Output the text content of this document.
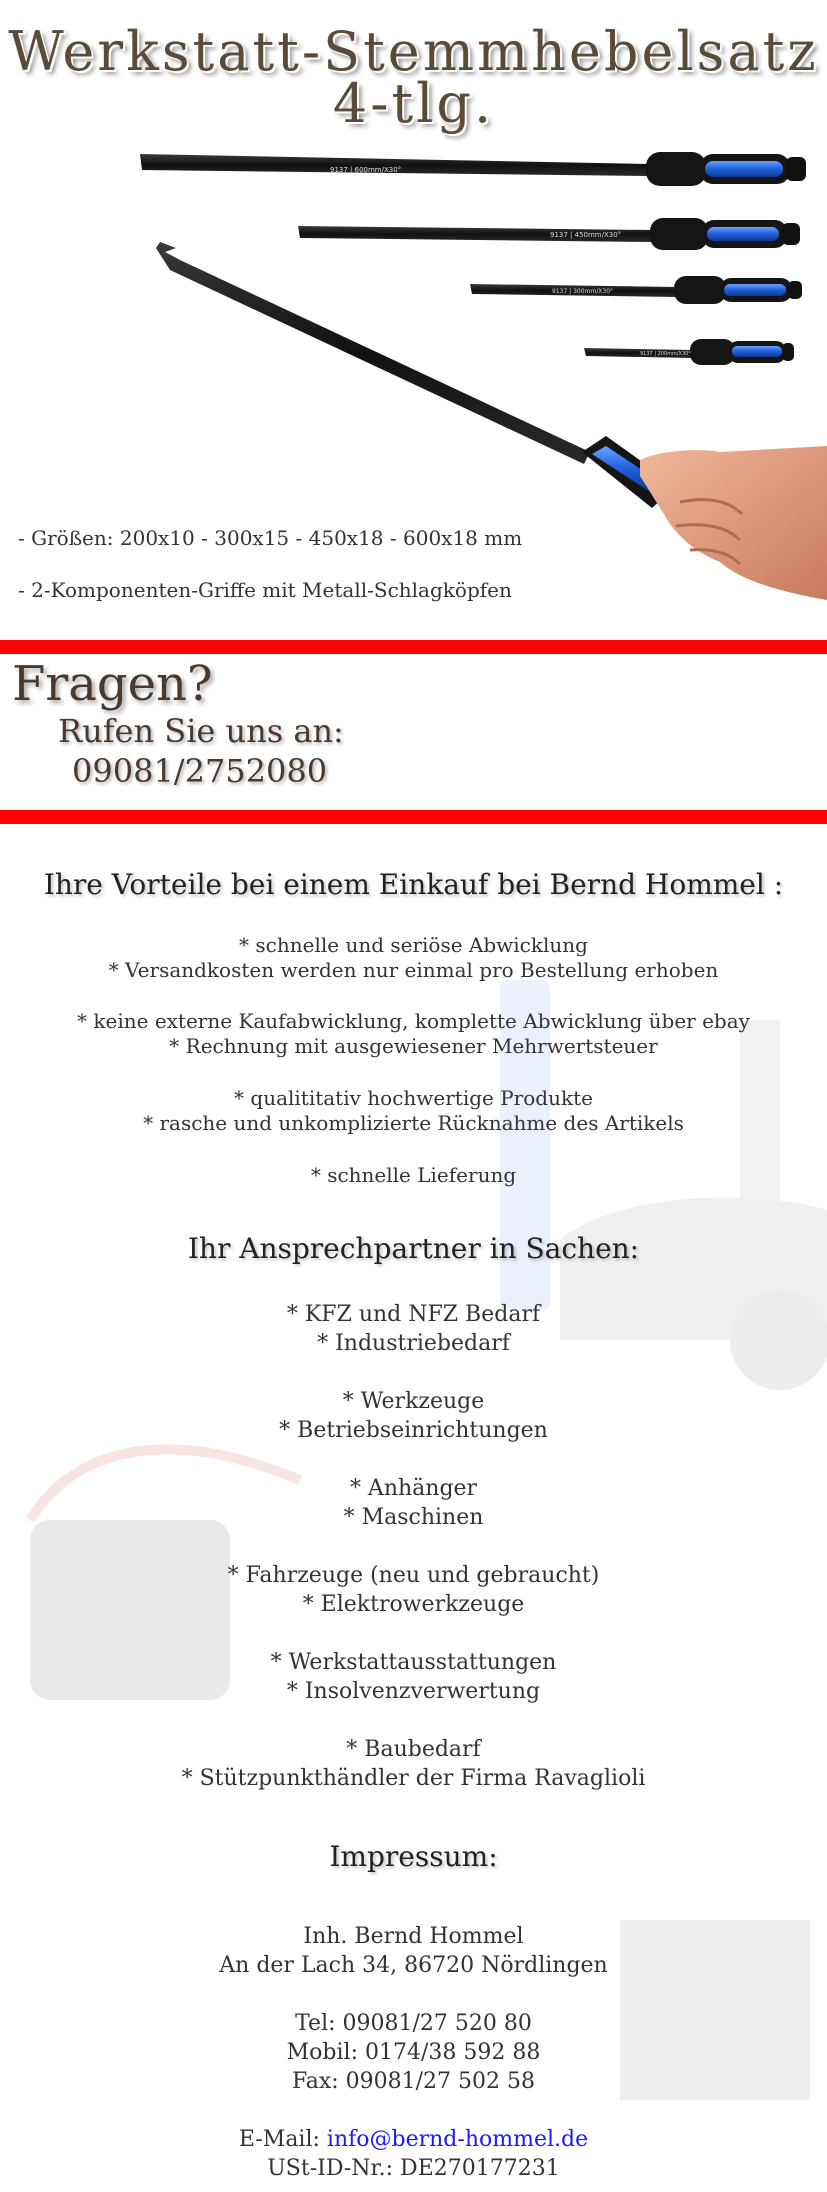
Werkstatt-Stemmhebelsatz
4-tlg.
9137 | 600mm/X30°
9137 | 450mm/X30°
9137 | 300mm/X30°
9137 | 200mm/X30°
- Größen: 200x10 - 300x15 - 450x18 - 600x18 mm
- 2-Komponenten-Griffe mit Metall-Schlagköpfen
Fragen?
Rufen Sie uns an:
09081/2752080
Ihre Vorteile bei einem Einkauf bei Bernd Hommel :
* schnelle und seriöse Abwicklung
* Versandkosten werden nur einmal pro Bestellung erhoben
* keine externe Kaufabwicklung, komplette Abwicklung über ebay
* Rechnung mit ausgewiesener Mehrwertsteuer
* qualititativ hochwertige Produkte
* rasche und unkomplizierte Rücknahme des Artikels
* schnelle Lieferung
Ihr Ansprechpartner in Sachen:
* KFZ und NFZ Bedarf
* Industriebedarf
* Werkzeuge
* Betriebseinrichtungen
* Anhänger
* Maschinen
* Fahrzeuge (neu und gebraucht)
* Elektrowerkzeuge
* Werkstattausstattungen
* Insolvenzverwertung
* Baubedarf
* Stützpunkthändler der Firma Ravaglioli
Impressum:
Inh. Bernd Hommel
An der Lach 34, 86720 Nördlingen
Tel: 09081/27 520 80
Mobil: 0174/38 592 88
Fax: 09081/27 502 58
E-Mail: info@bernd-hommel.de
USt-ID-Nr.: DE270177231
